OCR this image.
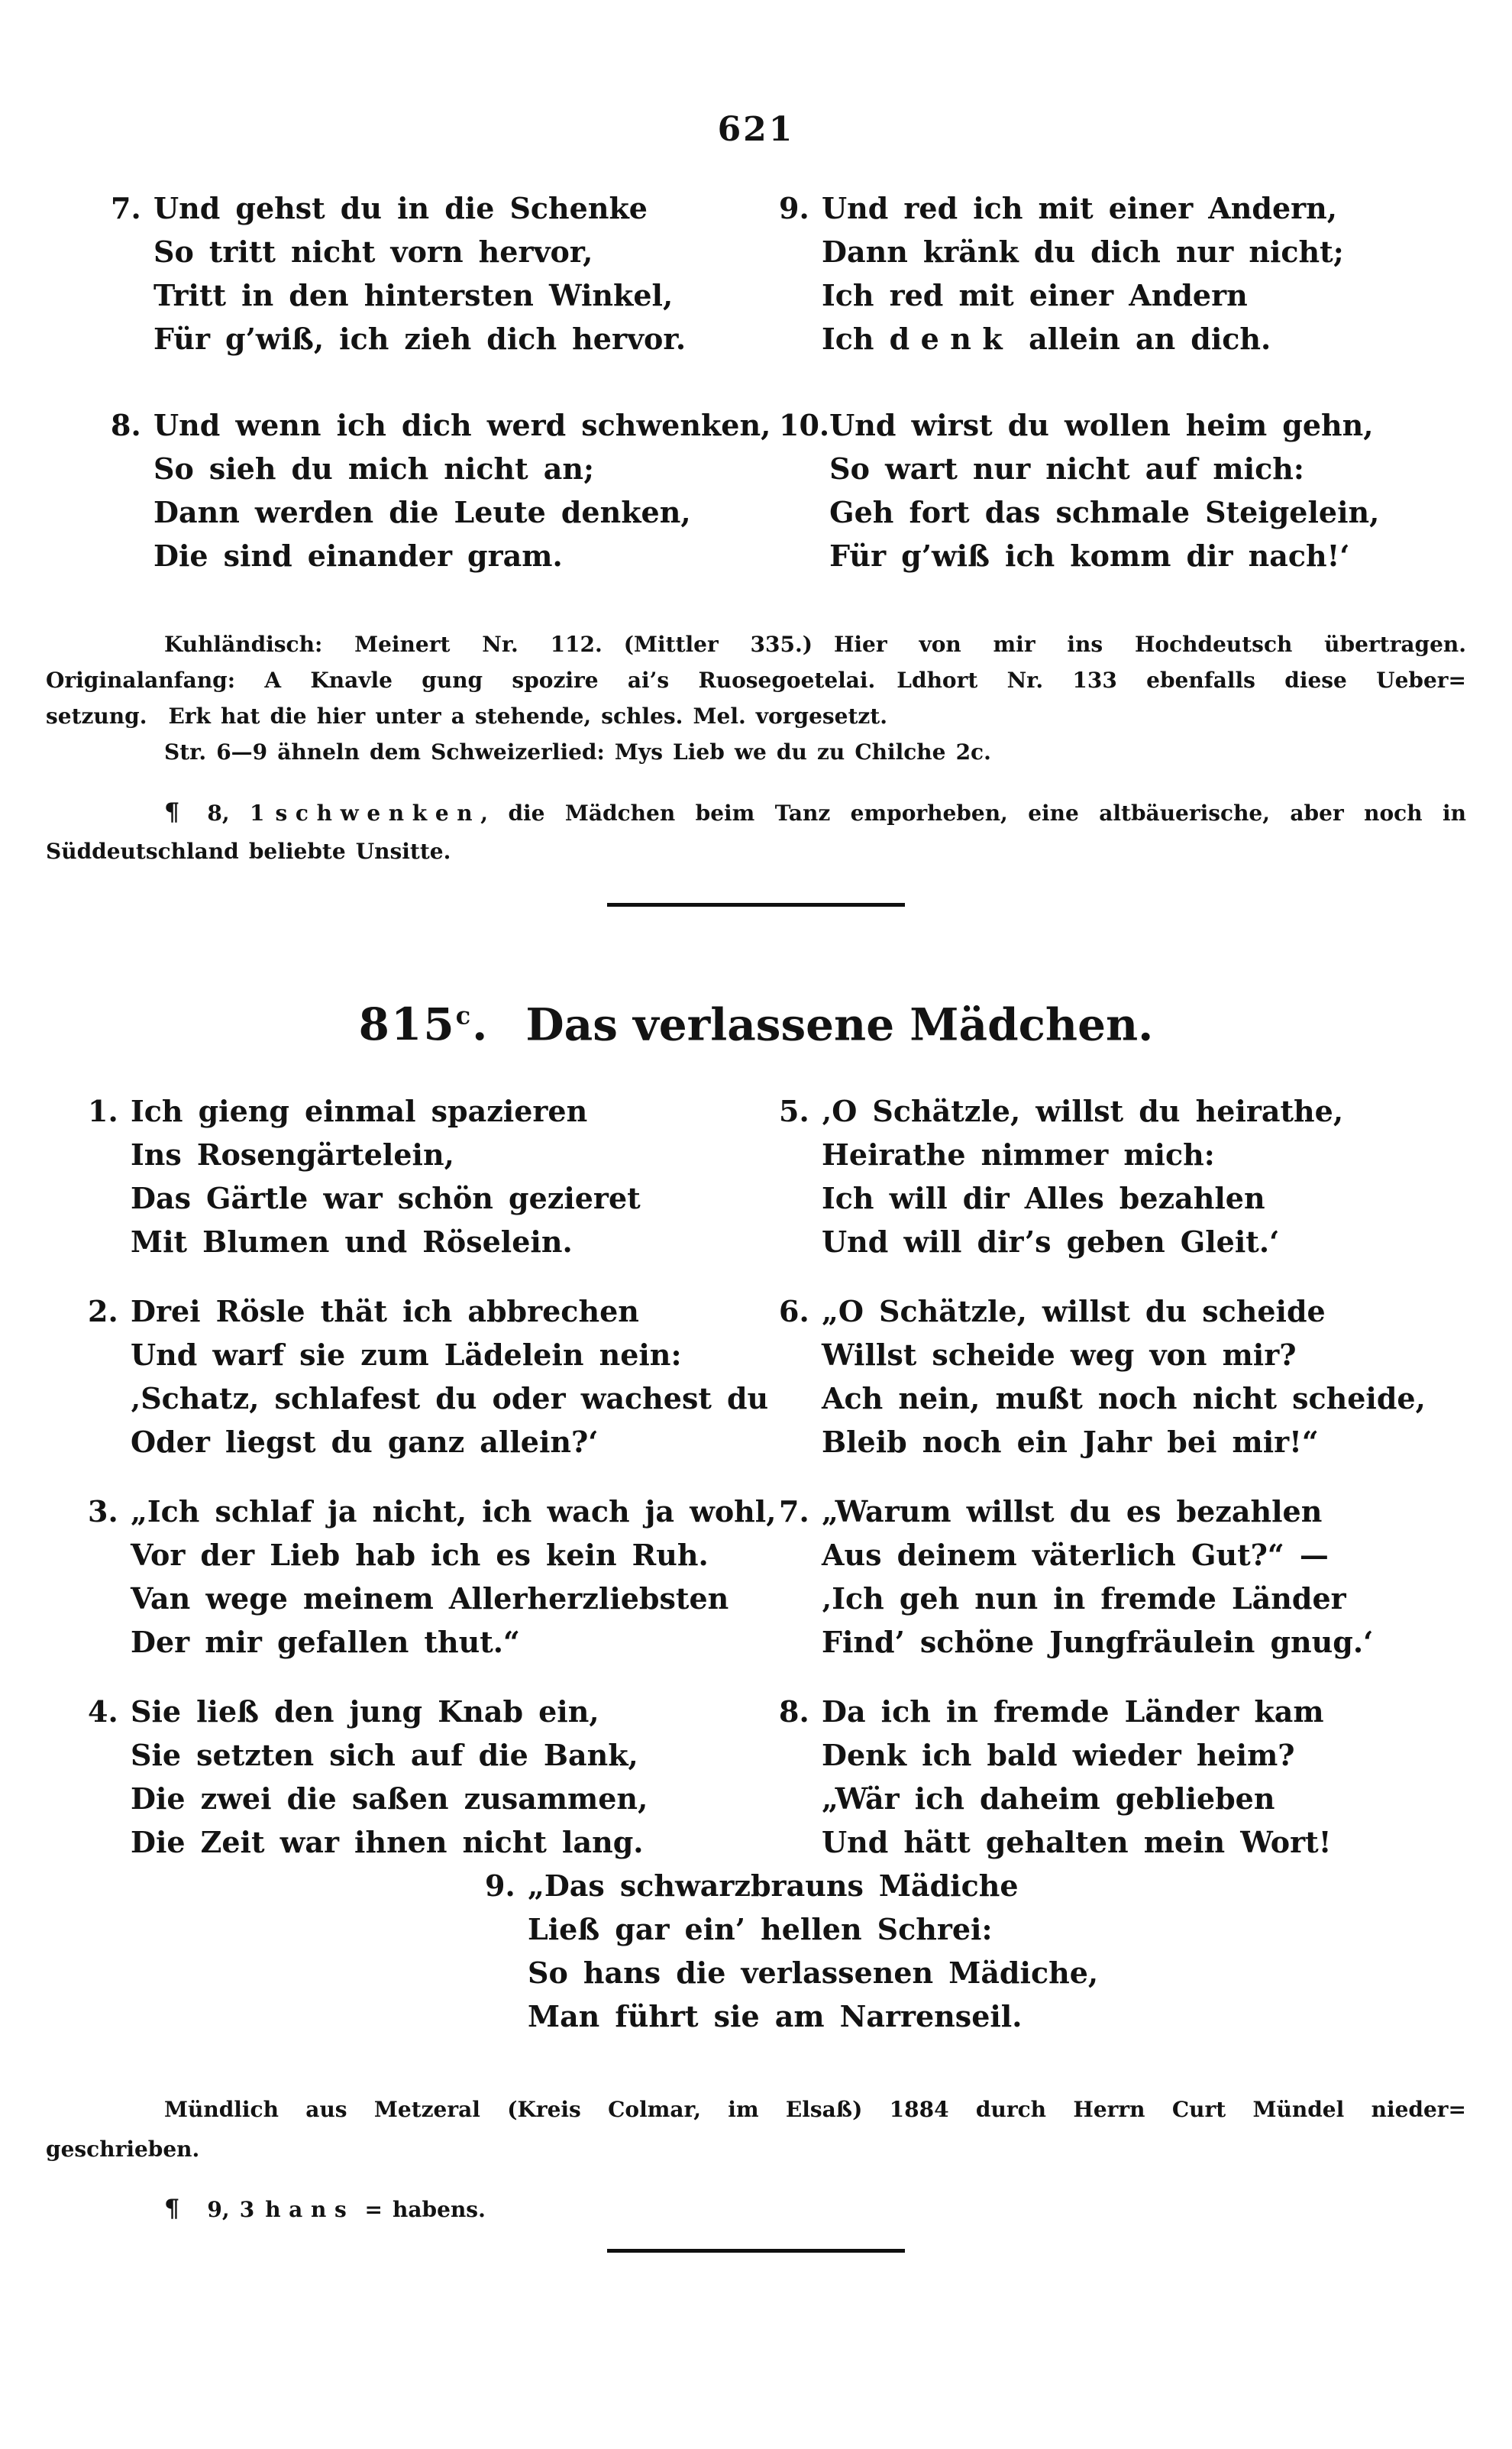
621
7. Und gehst du in die Schenke
So tritt nicht vorn hervor,
Tritt in den hintersten Winkel,
Für g’wiß, ich zieh dich hervor.
8. Und wenn ich dich werd schwenken,
So sieh du mich nicht an;
Dann werden die Leute denken,
Die sind einander gram.
9. Und red ich mit einer Andern,
Dann kränk du dich nur nicht;
Ich red mit einer Andern
Ich denk allein an dich.
10. Und wirst du wollen heim gehn,
So wart nur nicht auf mich:
Geh fort das schmale Steigelein,
Für g’wiß ich komm dir nach!‘
Kuhländisch: Meinert Nr. 112. (Mittler 335.) Hier von mir ins Hochdeutsch übertragen.
Originalanfang: A Knavle gung spozire ai’s Ruosegoetelai. Ldhort Nr. 133 ebenfalls diese Ueber=
setzung. Erk hat die hier unter a stehende, schles. Mel. vorgesetzt.
Str. 6—9 ähneln dem Schweizerlied: Mys Lieb we du zu Chilche 2c.
¶ 8, 1 schwenken, die Mädchen beim Tanz emporheben, eine altbäuerische, aber noch in
Süddeutschland beliebte Unsitte.
815$^c$. Das verlassene Mädchen.
1. Ich gieng einmal spazieren
Ins Rosengärtelein,
Das Gärtle war schön gezieret
Mit Blumen und Röselein.
2. Drei Rösle thät ich abbrechen
Und warf sie zum Lädelein nein:
‚Schatz, schlafest du oder wachest du
Oder liegst du ganz allein?‘
3. „Ich schlaf ja nicht, ich wach ja wohl,
Vor der Lieb hab ich es kein Ruh.
Van wege meinem Allerherzliebsten
Der mir gefallen thut.“
4. Sie ließ den jung Knab ein,
Sie setzten sich auf die Bank,
Die zwei die saßen zusammen,
Die Zeit war ihnen nicht lang.
5. ‚O Schätzle, willst du heirathe,
Heirathe nimmer mich:
Ich will dir Alles bezahlen
Und will dir’s geben Gleit.‘
6. „O Schätzle, willst du scheide
Willst scheide weg von mir?
Ach nein, mußt noch nicht scheide,
Bleib noch ein Jahr bei mir!“
7. „Warum willst du es bezahlen
Aus deinem väterlich Gut?“ —
‚Ich geh nun in fremde Länder
Find’ schöne Jungfräulein gnug.‘
8. Da ich in fremde Länder kam
Denk ich bald wieder heim?
„Wär ich daheim geblieben
Und hätt gehalten mein Wort!
9. „Das schwarzbrauns Mädiche
Ließ gar ein’ hellen Schrei:
So hans die verlassenen Mädiche,
Man führt sie am Narrenseil.
Mündlich aus Metzeral (Kreis Colmar, im Elsaß) 1884 durch Herrn Curt Mündel nieder=
geschrieben.
¶ 9, 3 hans = habens.
